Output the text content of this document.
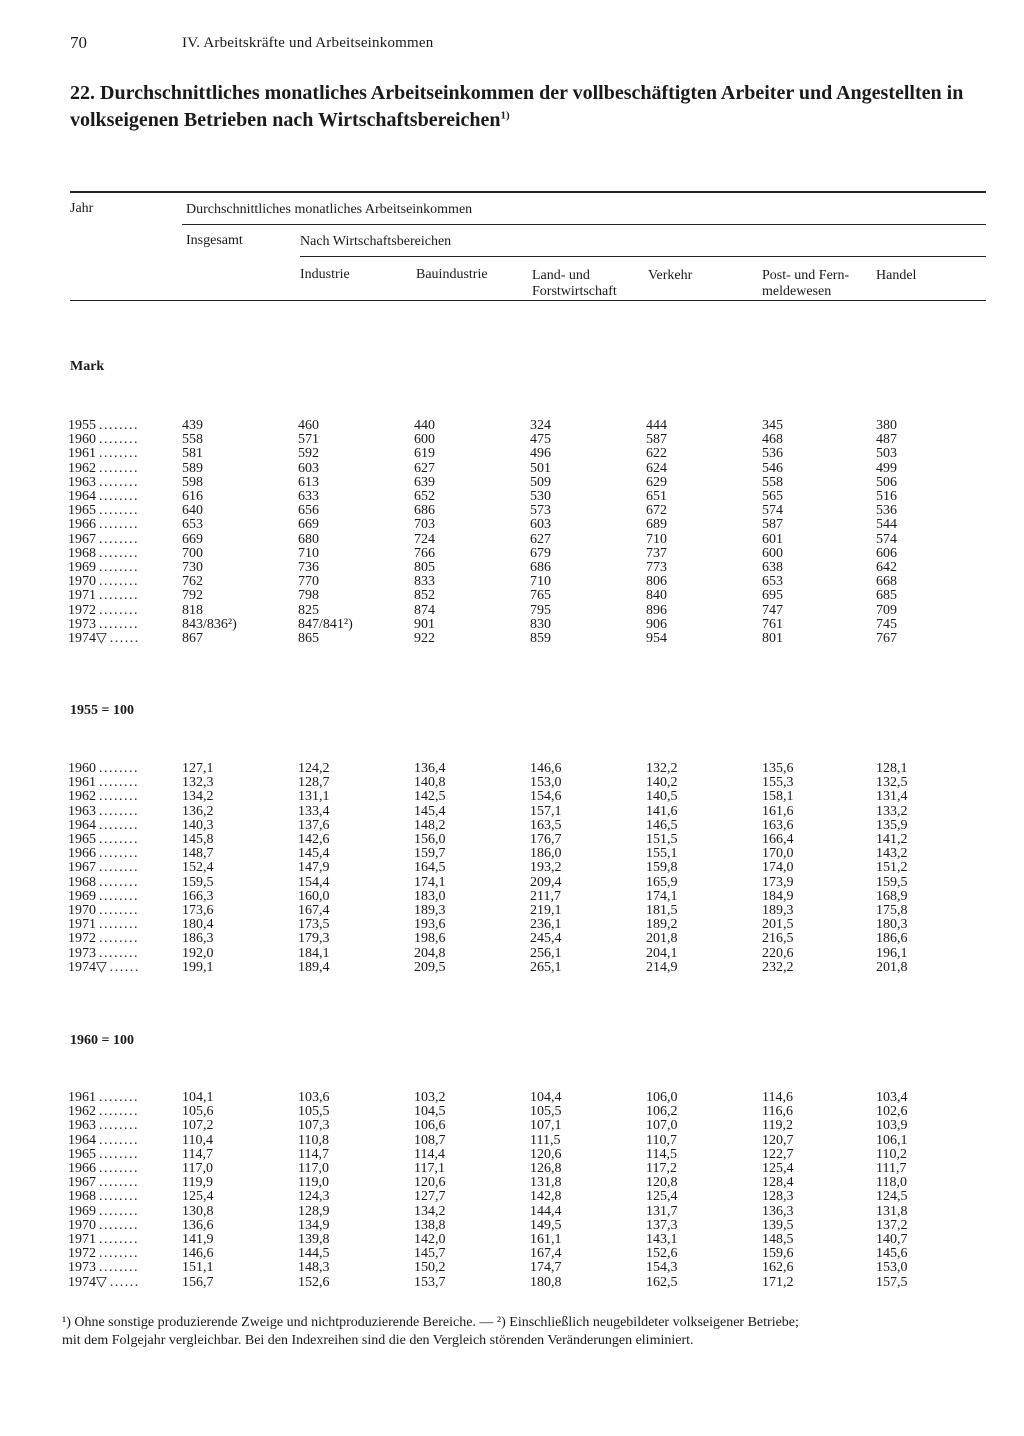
70	IV. Arbeitskräfte und Arbeitseinkommen
22. Durchschnittliches monatliches Arbeitseinkommen der vollbeschäftigten Arbeiter und Angestellten in volkseigenen Betrieben nach Wirtschaftsbereichen$^{1)}$
Jahr	Durchschnittliches monatliches Arbeitseinkommen
Insgesamt	Nach Wirtschaftsbereichen
Industrie	Bauindustrie	Land- und
Forstwirtschaft
Verkehr	Post- und Fern-
meldewesen
Handel
Mark
1955 = 100
1960 = 100
1955 ........	439	460	440	324	444	345	380
1960 ........	558	571	600	475	587	468	487
1961 ........	581	592	619	496	622	536	503
1962 ........	589	603	627	501	624	546	499
1963 ........	598	613	639	509	629	558	506
1964 ........	616	633	652	530	651	565	516
1965 ........	640	656	686	573	672	574	536
1966 ........	653	669	703	603	689	587	544
1967 ........	669	680	724	627	710	601	574
1968 ........	700	710	766	679	737	600	606
1969 ........	730	736	805	686	773	638	642
1970 ........	762	770	833	710	806	653	668
1971 ........	792	798	852	765	840	695	685
1972 ........	818	825	874	795	896	747	709
1973 ........	843/836²)	847/841²)	901	830	906	761	745
1974▽ ......	867	865	922	859	954	801	767
1960 ........	127,1	124,2	136,4	146,6	132,2	135,6	128,1
1961 ........	132,3	128,7	140,8	153,0	140,2	155,3	132,5
1962 ........	134,2	131,1	142,5	154,6	140,5	158,1	131,4
1963 ........	136,2	133,4	145,4	157,1	141,6	161,6	133,2
1964 ........	140,3	137,6	148,2	163,5	146,5	163,6	135,9
1965 ........	145,8	142,6	156,0	176,7	151,5	166,4	141,2
1966 ........	148,7	145,4	159,7	186,0	155,1	170,0	143,2
1967 ........	152,4	147,9	164,5	193,2	159,8	174,0	151,2
1968 ........	159,5	154,4	174,1	209,4	165,9	173,9	159,5
1969 ........	166,3	160,0	183,0	211,7	174,1	184,9	168,9
1970 ........	173,6	167,4	189,3	219,1	181,5	189,3	175,8
1971 ........	180,4	173,5	193,6	236,1	189,2	201,5	180,3
1972 ........	186,3	179,3	198,6	245,4	201,8	216,5	186,6
1973 ........	192,0	184,1	204,8	256,1	204,1	220,6	196,1
1974▽ ......	199,1	189,4	209,5	265,1	214,9	232,2	201,8
1961 ........	104,1	103,6	103,2	104,4	106,0	114,6	103,4
1962 ........	105,6	105,5	104,5	105,5	106,2	116,6	102,6
1963 ........	107,2	107,3	106,6	107,1	107,0	119,2	103,9
1964 ........	110,4	110,8	108,7	111,5	110,7	120,7	106,1
1965 ........	114,7	114,7	114,4	120,6	114,5	122,7	110,2
1966 ........	117,0	117,0	117,1	126,8	117,2	125,4	111,7
1967 ........	119,9	119,0	120,6	131,8	120,8	128,4	118,0
1968 ........	125,4	124,3	127,7	142,8	125,4	128,3	124,5
1969 ........	130,8	128,9	134,2	144,4	131,7	136,3	131,8
1970 ........	136,6	134,9	138,8	149,5	137,3	139,5	137,2
1971 ........	141,9	139,8	142,0	161,1	143,1	148,5	140,7
1972 ........	146,6	144,5	145,7	167,4	152,6	159,6	145,6
1973 ........	151,1	148,3	150,2	174,7	154,3	162,6	153,0
1974▽ ......	156,7	152,6	153,7	180,8	162,5	171,2	157,5
¹) Ohne sonstige produzierende Zweige und nichtproduzierende Bereiche. — ²) Einschließlich neugebildeter volkseigener Betriebe;
mit dem Folgejahr vergleichbar. Bei den Indexreihen sind die den Vergleich störenden Veränderungen eliminiert.
